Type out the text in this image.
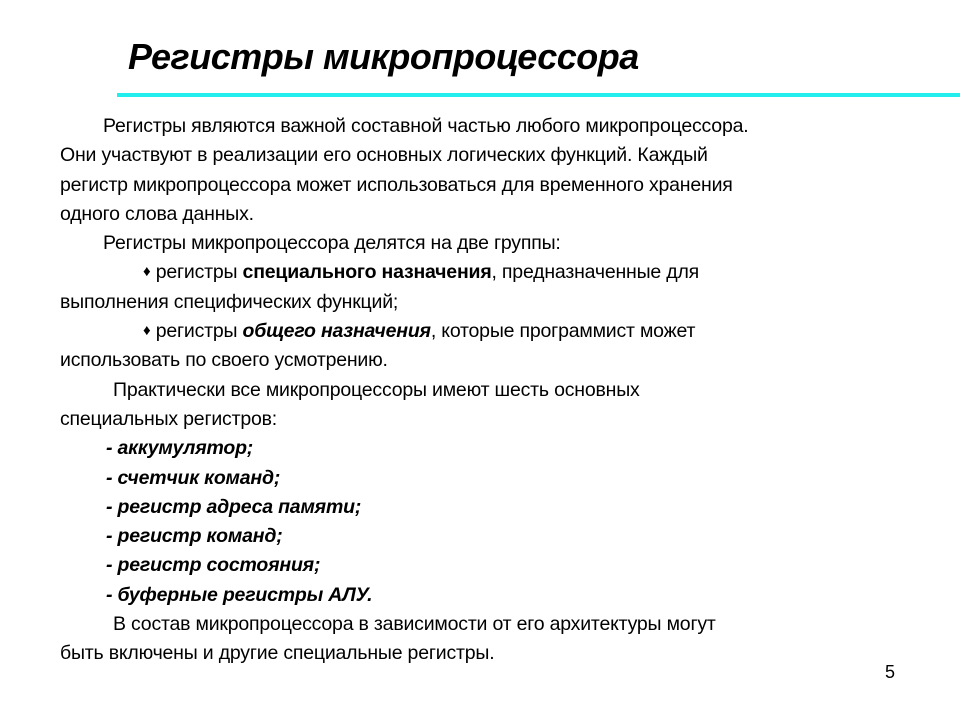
Регистры микропроцессора
Регистры являются важной составной частью любого микропроцессора.
Они участвуют в реализации его основных логических функций. Каждый
регистр микропроцессора может использоваться для временного хранения
одного слова данных.
Регистры микропроцессора делятся на две группы:
♦ регистры специального назначения, предназначенные для
выполнения специфических функций;
♦ регистры общего назначения, которые программист может
использовать по своего усмотрению.
Практически все микропроцессоры имеют шесть основных
специальных регистров:
- аккумулятор;
- счетчик команд;
- регистр адреса памяти;
- регистр команд;
- регистр состояния;
- буферные регистры АЛУ.
В состав микропроцессора в зависимости от его архитектуры могут
быть включены и другие специальные регистры.
5
